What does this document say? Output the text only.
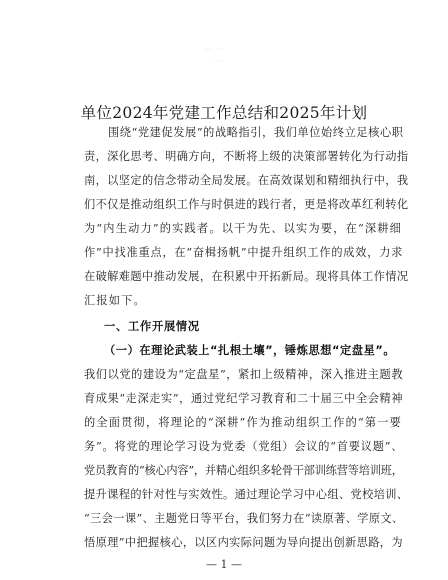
单位2024年党建工作总结和2025年计划
围绕“党建促发展”的战略指引，我们单位始终立足核心职
责，深化思考、明确方向，不断将上级的决策部署转化为行动指
南，以坚定的信念带动全局发展。在高效谋划和精细执行中，我
们不仅是推动组织工作与时俱进的践行者，更是将改革红利转化
为“内生动力”的实践者。以干为先、以实为要，在“深耕细
作”中找准重点，在“奋楫扬帆”中提升组织工作的成效，力求
在破解难题中推动发展，在积累中开拓新局。现将具体工作情况
汇报如下。
一、工作开展情况
（一）在理论武装上“扎根土壤”，锤炼思想“定盘星”。
我们以党的建设为“定盘星”，紧扣上级精神，深入推进主题教
育成果“走深走实”，通过党纪学习教育和二十届三中全会精神
的全面贯彻，将理论的“深耕”作为推动组织工作的“第一要
务”。将党的理论学习设为党委（党组）会议的“首要议题”、
党员教育的“核心内容”，并精心组织多轮骨干部训练营等培训班，
提升课程的针对性与实效性。通过理论学习中心组、党校培训、
“三会一课”、主题党日等平台，我们努力在“读原著、学原文、
悟原理”中把握核心，以区内实际问题为导向提出创新思路，为
— 1 —
